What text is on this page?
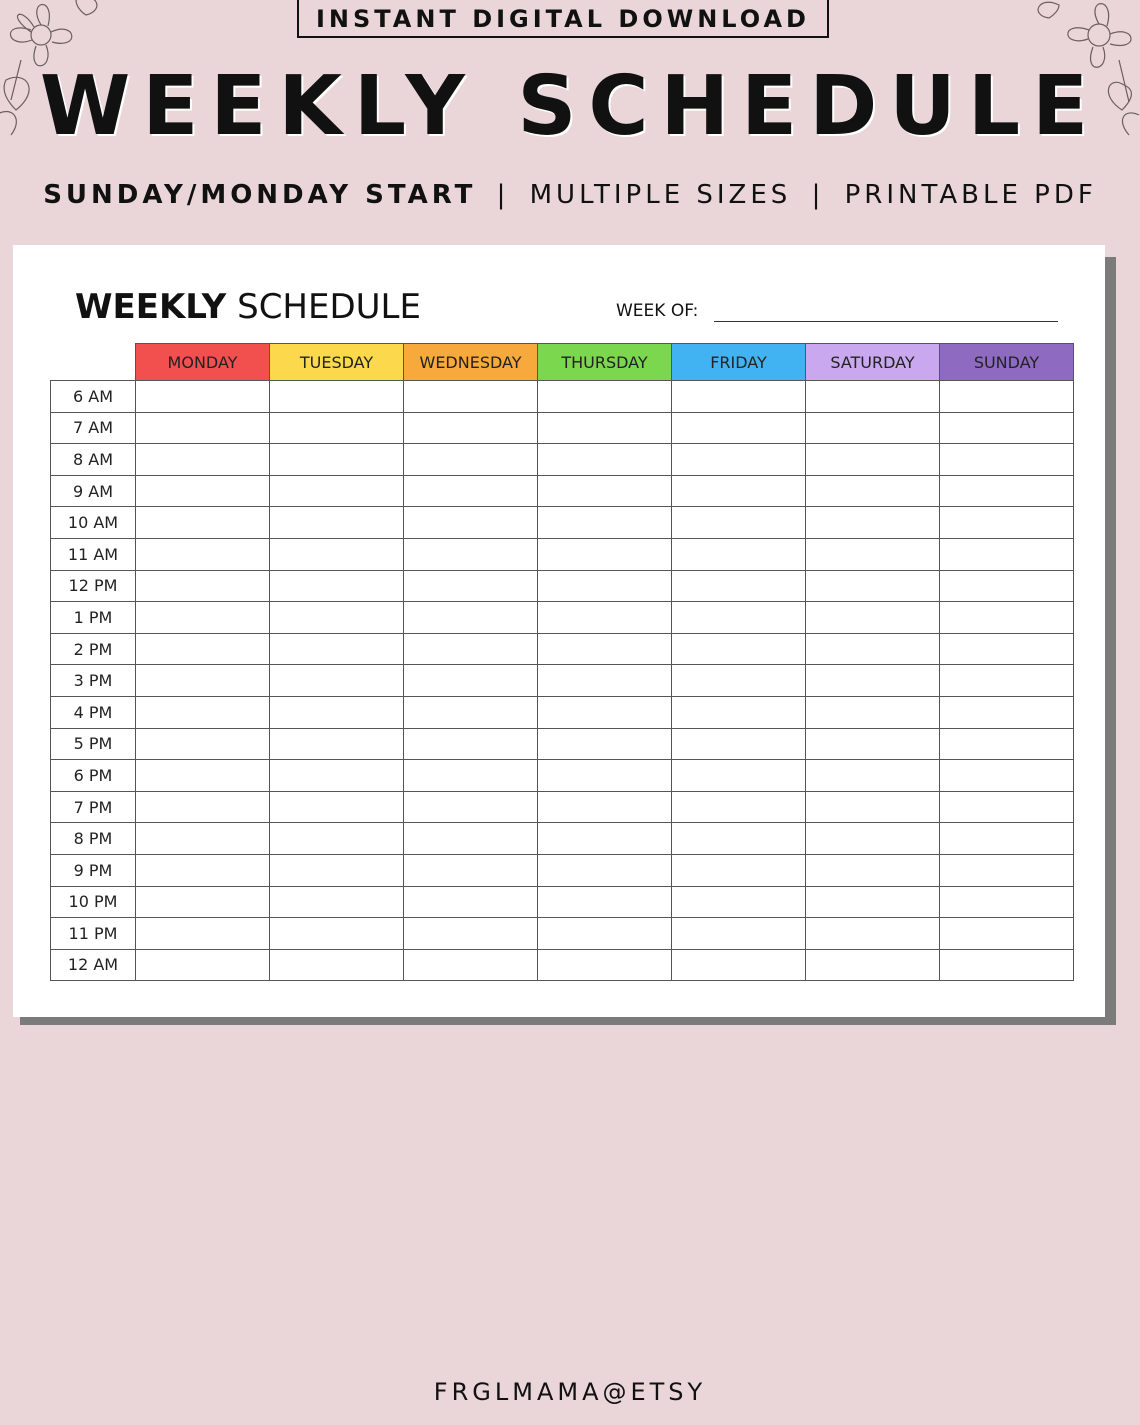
INSTANT DIGITAL DOWNLOAD
WEEKLY SCHEDULE
SUNDAY/MONDAY START | MULTIPLE SIZES | PRINTABLE PDF
WEEKLY SCHEDULE	WEEK OF:
	MONDAY	TUESDAY	WEDNESDAY	THURSDAY	FRIDAY	SATURDAY	SUNDAY
6 AM							
7 AM							
8 AM							
9 AM							
10 AM							
11 AM							
12 PM							
1 PM							
2 PM							
3 PM							
4 PM							
5 PM							
6 PM							
7 PM							
8 PM							
9 PM							
10 PM							
11 PM							
12 AM							
FRGLMAMA@ETSY
